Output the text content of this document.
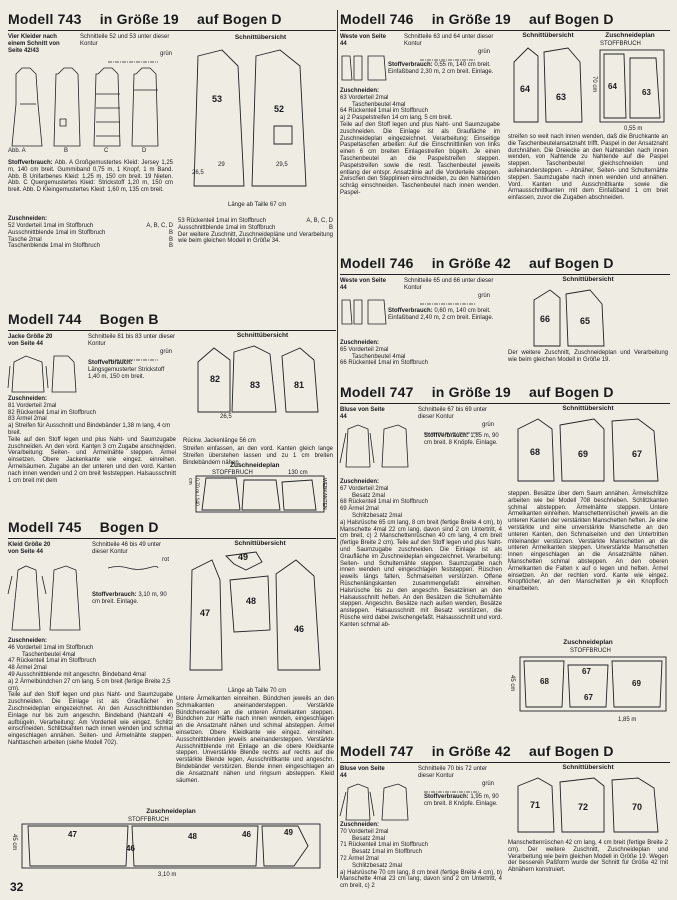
Modell 743 in Größe 19 auf Bogen D
Vier Kleider nach einem Schnitt von Seite 42/43
Schnitteile 52 und 53 unter dieser Kontur
grün
Abb. A	B	C	D
Stoffverbrauch: Abb. A Großgemustertes Kleid: Jersey 1,25 m, 140 cm breit. Gummiband 0,75 m, 1 Knopf, 1 m Band. Abb. B Unifarbenes Kleid: 1,25 m, 150 cm breit. 19 Nieten. Abb. C Quergemustertes Kleid: Strickstoff 1,20 m, 150 cm breit. Abb. D Kleingemustertes Kleid: 1,60 m, 135 cm breit.
Zuschneiden:
52 Vorderteil 1mal im Stoffbruch	A, B, C, D
Ausschnittblende 1mal im Stoffbruch	B
Tasche 2mal	B
Taschenblende 1mal im Stoffbruch	B
Schnittübersicht
53
52
29	29,5
26,5
Länge ab Taille 67 cm
53 Rückenteil 1mal im Stoffbruch	A, B, C, D
Ausschnittblende 1mal im Stoffbruch	B
Der weitere Zuschnitt, Zuschneidepläne und Verarbeitung wie beim gleichen Modell in Größe 34.
Modell 744 Bogen B
Jacke Größe 20 von Seite 44
Schnitteile 81 bis 83 unter dieser Kontur
grün
Stoffverbrauch: Längsgemusterter Strickstoff 1,40 m, 150 cm breit.
Zuschneiden:
81 Vorderteil 2mal
82 Rückenteil 1mal im Stoffbruch
83 Ärmel 2mal
a) Streifen für Ausschnitt und Bindebänder 1,38 m lang, 4 cm breit.
Teile auf den Stoff legen und plus Naht- und Saumzugabe zuschneiden. An den vord. Kanten 3 cm Zugabe anschneiden. Verarbeitung: Seiten- und Ärmelnähte steppen. Ärmel einsetzen. Obere Jackenkante wie eingez. einreihen. Ärmelsäumen. Zugabe an der unteren und den vord. Kanten nach innen wenden und 2 cm breit feststeppen. Halsausschnitt 1 cm breit mit dem
Schnittübersicht
82
83	81
26,5
Rückw. Jackenlänge 56 cm
Streifen einfassen, an den vord. Kanten gleich lange Streifen überstehen lassen und zu 1 cm breiten Bindebändern nähen.
Zuschneideplan
STOFFBRUCH	130 cm
WEBKANTEN
0,70 m / 140 cm
Modell 745 Bogen D
Kleid Größe 20 von Seite 44
Schnitteile 46 bis 49 unter dieser Kontur
rot
Stoffverbrauch: 3,10 m, 90 cm breit. Einlage.
Zuschneiden:
46 Vorderteil 1mal im Stoffbruch
Taschenbeutel 4mal
47 Rückenteil 1mal im Stoffbruch
48 Ärmel 2mal
49 Ausschnittblende mit angeschn. Bindeband 4mal
a) 2 Ärmelbündchen 27 cm lang, 5 cm breit (fertige Breite 2,5 cm).
Teile auf den Stoff legen und plus Naht- und Saumzugabe zuschneiden. Die Einlage ist als Grauflächer im Zuschneideplan eingezeichnet. An den Ausschnittblenden Einlage nur bis zum angeschn. Bindeband (Nahtzahl 4) aufbügeln. Verarbeitung: Am Vorderteil wie eingez. Schlitz einschneiden. Schlitzkanten nach innen wenden und schmal eingeschlagen annähen. Seiten- und Ärmelnähte steppen. Nahttaschen arbeiten (siehe Modell 702).
Schnittübersicht
47
49
48
46
Länge ab Taille 70 cm
Untere Ärmelkanten einreihen. Bündchen jeweils an den Schmalkanten aneinandersteppen. Verstärkte Bündchenseiten an die unteren Ärmelkanten steppen. Bündchen zur Hälfte nach innen wenden, eingeschlagen an die Ansatznaht nähen und schmal absteppen. Ärmel einsetzen. Obere Kleidkante wie eingez. einreihen. Ausschnittblenden jeweils aneinandersteppen. Verstärkte Ausschnittblende mit Einlage an die obere Kleidkante steppen. Unverstärkte Blende rechts auf rechts auf die verstärkte Blende legen, Ausschnittkante und angeschn. Bindebänder verstürzen. Blende innen eingeschlagen an die Ansatznaht nähen und ringsum absteppen. Kleid säumen.
Zuschneideplan
STOFFBRUCH
45 cm	47
46
48	46	49
3,10 m
Modell 746 in Größe 19 auf Bogen D
Weste von Seite 44
Schnitteile 63 und 64 unter dieser Kontur
grün
Stoffverbrauch: 0,55 m, 140 cm breit. Einfaßband 2,30 m, 2 cm breit. Einlage.
Zuschneiden:
63 Vorderteil 2mal
Taschenbeutel 4mal
64 Rückenteil 1mal im Stoffbruch
a) 2 Paspelstreifen 14 cm lang, 5 cm breit.
Teile auf den Stoff legen und plus Naht- und Saumzugabe zuschneiden. Die Einlage ist als Graufläche im Zuschneideplan eingezeichnet. Verarbeitung: Einseitige Paspeltaschen arbeiten: Auf die Einschnittlinien von links einen 6 cm breiten Einlagestreifen bügeln. Je einen Taschenbeutel an die Paspelstreifen steppen. Paspelstreifen sowie die restl. Taschenbeutel jeweils entlang der entspr. Ansatzlinie auf die Vorderteile steppen. Zwischen den Stepplinien einschneiden, zu den Nahtenden schräg einschneiden. Taschenbeutel nach innen wenden. Paspel-
Schnittübersicht
64
63
Zuschneideplan
STOFFBRUCH
64
63
70 cm
0,55 m
streifen so weit nach innen wenden, daß die Bruchkante an die Taschenbeutelansatznaht trifft. Paspel in der Ansatznaht durchnähen. Die Dreiecke an den Nahtenden nach innen wenden, von Nahtende zu Nahtende auf die Paspel steppen. Taschenbeutel gleichschneiden und aufeinandersteppen. – Abnäher, Seiten- und Schulternähte steppen. Saumzugabe nach innen wenden und annähen. Vord. Kanten und Ausschnittkante sowie die Armausschnittkanten mit dem Einfaßband 1 cm breit einfassen, zuvor die Zugaben abschneiden.
Modell 746 in Größe 42 auf Bogen D
Weste von Seite 44
Schnitteile 65 und 66 unter dieser Kontur
grün
Stoffverbrauch: 0,60 m, 140 cm breit. Einfaßband 2,40 m, 2 cm breit. Einlage.
Zuschneiden:
65 Vorderteil 2mal
Taschenbeutel 4mal
66 Rückenteil 1mal im Stoffbruch
Schnittübersicht
66	65
Der weitere Zuschnitt, Zuschneideplan und Verarbeitung wie beim gleichen Modell in Größe 19.
Modell 747 in Größe 19 auf Bogen D
Bluse von Seite 44
Schnitteile 67 bis 69 unter dieser Kontur
grün
Stoffverbrauch: 1,85 m, 90 cm breit. 8 Knöpfe. Einlage.
Zuschneiden:
67 Vorderteil 2mal
Besatz 2mal
68 Rückenteil 1mal im Stoffbruch
69 Ärmel 2mal
Schlitzbesatz 2mal
a) Halsrüsche 65 cm lang, 8 cm breit (fertige Breite 4 cm), b) Manschette 4mal 22 cm lang, davon sind 2 cm Untertritt, 4 cm breit, c) 2 Manschettenrüschen 40 cm lang, 4 cm breit (fertige Breite 2 cm). Teile auf den Stoff legen und plus Naht- und Saumzugabe zuschneiden. Die Einlage ist als Graufläche im Zuschneideplan eingezeichnet. Verarbeitung: Seiten- und Schulternähte steppen. Saumzugabe nach innen wenden und eingeschlagen feststeppen. Rüschen jeweils längs falten, Schmalseiten verstürzen. Offene Rüschenlängskanten zusammengefaßt einreihen. Halsrüsche bis zu den angeschn. Besatzlinien an den Halsausschnitt heften. An den Besätzen die Schulternähte steppen. Angeschn. Besätze nach außen wenden, Besätze ansteppen. Halsausschnitt mit Besatz verstürzen, die Rüsche wird dabei zwischengefaßt. Halsausschnitt und vord. Kanten schmal ab-
Schnittübersicht
68	69	67
steppen. Besätze über dem Saum annähen. Ärmelschlitze arbeiten wie bei Modell 708 beschrieben. Schlitzkanten schmal absteppen. Ärmelnähte steppen. Untere Ärmelkanten einreihen. Manschettenrüschen jeweils an die unteren Kanten der verstärkten Manschetten heften. Je eine verstärkte und eine unverstärkte Manschette an den unteren Kanten, den Schmalseiten und den Untertritten miteinander verstürzen. Verstärkte Manschetten an die unteren Ärmelkanten steppen. Unverstärkte Manschetten innen eingeschlagen an die Ansatznähte nähen. Manschetten schmal absteppen. An den oberen Ärmelkanten die Falten x auf o legen und heften. Ärmel einsetzen. An der rechten vord. Kante wie eingez. Knopflöcher, an den Manschetten je ein Knopfloch einarbeiten.
Zuschneideplan
STOFFBRUCH
45 cm	68
67
69
67
1,85 m
Modell 747 in Größe 42 auf Bogen D
Bluse von Seite 44
Schnitteile 70 bis 72 unter dieser Kontur
grün
Stoffverbrauch: 1,95 m, 90 cm breit. 8 Knöpfe. Einlage.
Zuschneiden:
70 Vorderteil 2mal
Besatz 2mal
71 Rückenteil 1mal im Stoffbruch
Besatz 1mal im Stoffbruch
72 Ärmel 2mal
Schlitzbesatz 2mal
a) Halsrüsche 70 cm lang, 8 cm breit (fertige Breite 4 cm), b) Manschette 4mal 23 cm lang, davon sind 2 cm Untertritt, 4 cm breit, c) 2
Schnittübersicht
71	72	70
Manschettenrüschen 42 cm lang, 4 cm breit (fertige Breite 2 cm). Der weitere Zuschnitt, Zuschneideplan und Verarbeitung wie beim gleichen Modell in Größe 19. Wegen der besseren Paßform wurde der Schnitt für Größe 42 mit Abnähern konstruiert.
32
